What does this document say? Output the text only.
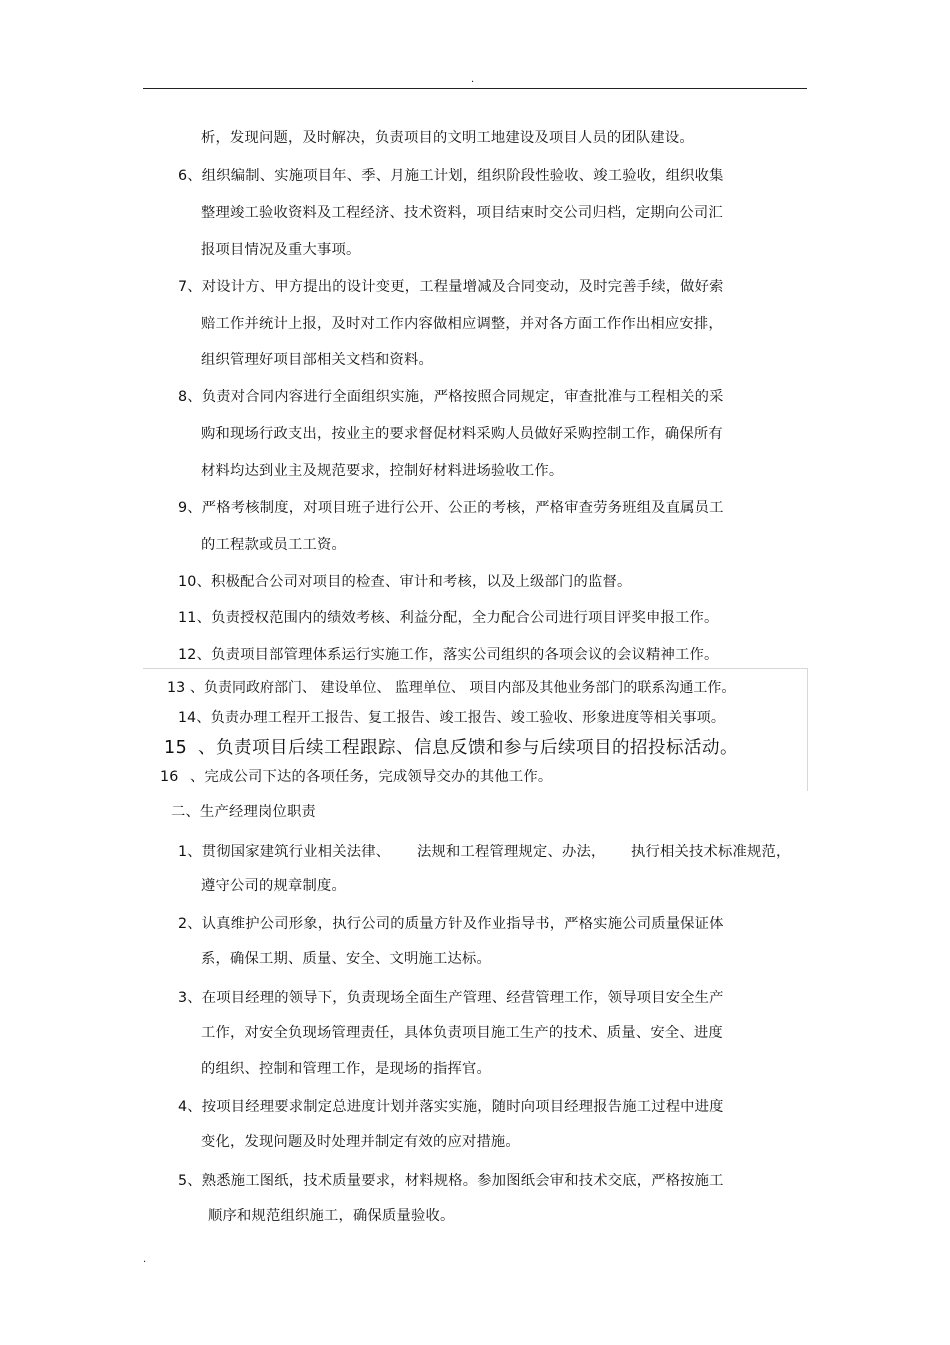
.
析，发现问题，及时解决，负责项目的文明工地建设及项目人员的团队建设。
6、组织编制、实施项目年、季、月施工计划，组织阶段性验收、竣工验收，组织收集
整理竣工验收资料及工程经济、技术资料，项目结束时交公司归档，定期向公司汇
报项目情况及重大事项。
7、对设计方、甲方提出的设计变更，工程量增减及合同变动，及时完善手续，做好索
赔工作并统计上报，及时对工作内容做相应调整，并对各方面工作作出相应安排，
组织管理好项目部相关文档和资料。
8、负责对合同内容进行全面组织实施，严格按照合同规定，审查批准与工程相关的采
购和现场行政支出，按业主的要求督促材料采购人员做好采购控制工作，确保所有
材料均达到业主及规范要求，控制好材料进场验收工作。
9、严格考核制度，对项目班子进行公开、公正的考核，严格审查劳务班组及直属员工
的工程款或员工工资。
10、积极配合公司对项目的检查、审计和考核，以及上级部门的监督。
11、负责授权范围内的绩效考核、利益分配，全力配合公司进行项目评奖申报工作。
12、负责项目部管理体系运行实施工作，落实公司组织的各项会议的会议精神工作。
13 、负责同政府部门、 建设单位、 监理单位、 项目内部及其他业务部门的联系沟通工作。
14、负责办理工程开工报告、复工报告、竣工报告、竣工验收、形象进度等相关事项。
15 、负责项目后续工程跟踪、信息反馈和参与后续项目的招投标活动。
16 、完成公司下达的各项任务，完成领导交办的其他工作。
二、生产经理岗位职责
1、贯彻国家建筑行业相关法律、 法规和工程管理规定、办法， 执行相关技术标准规范，
遵守公司的规章制度。
2、认真维护公司形象，执行公司的质量方针及作业指导书，严格实施公司质量保证体
系，确保工期、质量、安全、文明施工达标。
3、在项目经理的领导下，负责现场全面生产管理、经营管理工作，领导项目安全生产
工作，对安全负现场管理责任，具体负责项目施工生产的技术、质量、安全、进度
的组织、控制和管理工作，是现场的指挥官。
4、按项目经理要求制定总进度计划并落实实施，随时向项目经理报告施工过程中进度
变化，发现问题及时处理并制定有效的应对措施。
5、熟悉施工图纸，技术质量要求，材料规格。参加图纸会审和技术交底，严格按施工
顺序和规范组织施工，确保质量验收。
.
